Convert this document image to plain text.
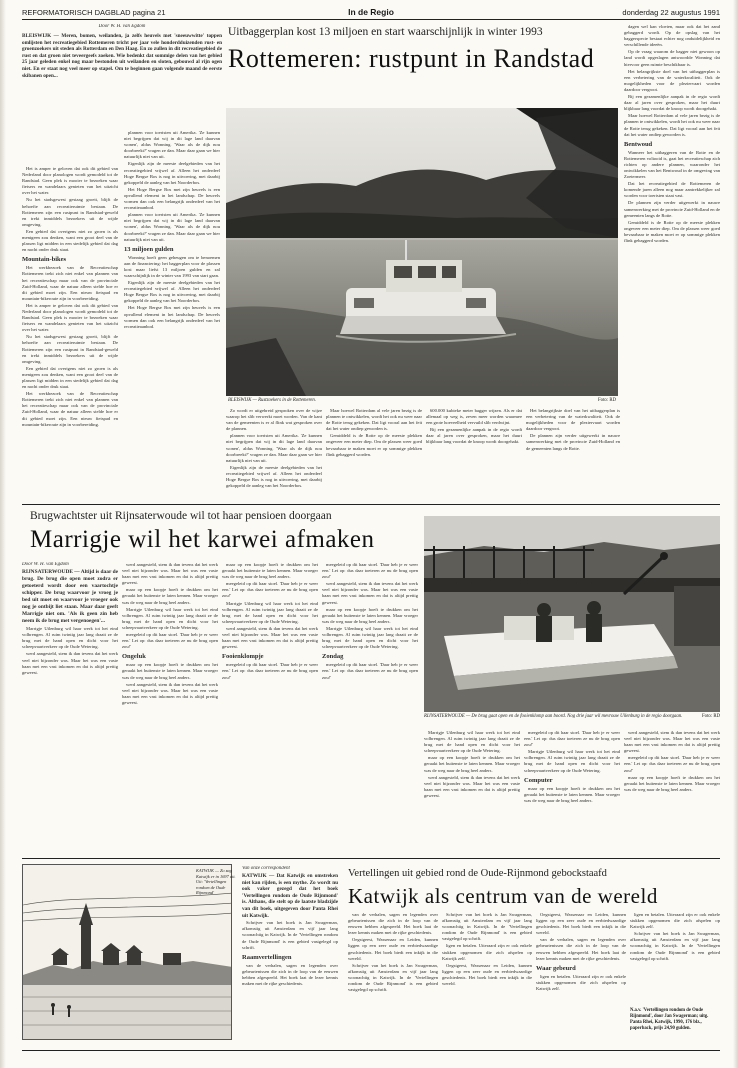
REFORMATORISCH DAGBLAD pagina 21	In de Regio	donderdag 22 augustus 1991

Door W. H. van Egdom

BLEISWIJK — Meren, bomen, weilanden, ja zelfs heuvels met 'sneeuwwitte' toppen omlijsten het recreatiegebied Rottemeren tricht per jaar vele honderdduizenden rust- en groenzoekers uit steden als Rotterdam en Den Haag. En zo zullen in dit recreatiegebied de rust en dat groen niet teveergeefs zoeken. Wie bedenkt dat sommige delen van het gebied 25 jaar geleden enkel nog maar bestonden uit weilanden en sloten, gebouwd al rijn ogen niet. En er staat nog veel meer op stapel. Om te beginnen gaan volgende maand de eerste skibanen open...

Uitbaggerplan kost 13 miljoen en start waarschijnlijk in winter 1993
Rottemeren: rustpunt in Randstad

Het is amper te geloven dat ook dit gebied van Nederland door planologen wordt gemodeld tot de Randstad. Geen plek is mooier te bezoeken waar fietsers en wandelaars genieten van het uitzicht over het water.

Nu het stadsgewest gestaag groeit, blijft de behoefte aan recreatieruimte bestaan. De Rottemeren zijn een rustpunt in Randstad-geweld en trekt inmiddels bezoekers uit de wijde omgeving.

Een gebied dat overigens niet zo groen is als menigeen zou denken, want een groot deel van de plassen ligt midden in een stedelijk gebied dat dag en nacht onder druk staat.

Mountain-bikes

Het werkbezoek van de Recreatieschap Rottemeren trekt zich niet enkel van plannen van het recreatieschap maar ook van de provinciale Zuid-Holland, waar de natuur alleen stelde hoe er dit gebied moet zijn. Een nieuw fietspad en mountain-bikeroute zijn in voorbereiding.

Het is amper te geloven dat ook dit gebied van Nederland door planologen wordt gemodeld tot de Randstad. Geen plek is mooier te bezoeken waar fietsers en wandelaars genieten van het uitzicht over het water.

Nu het stadsgewest gestaag groeit, blijft de behoefte aan recreatieruimte bestaan. De Rottemeren zijn een rustpunt in Randstad-geweld en trekt inmiddels bezoekers uit de wijde omgeving.

Een gebied dat overigens niet zo groen is als menigeen zou denken, want een groot deel van de plassen ligt midden in een stedelijk gebied dat dag en nacht onder druk staat.

Het werkbezoek van de Recreatieschap Rottemeren trekt zich niet enkel van plannen van het recreatieschap maar ook van de provinciale Zuid-Holland, waar de natuur alleen stelde hoe er dit gebied moet zijn. Een nieuw fietspad en mountain-bikeroute zijn in voorbereiding.

plannen voor toeristen uit Amerika. 'Ze kunnen niet begrijpen dat wij in dit lage land daarvan wonen', aldus Wonning. 'Waar als de dijk nou doorbreekt?' vragen ze dan. Maar daar gaan we hier natuurlijk niet van uit.

Eigenlijk zijn de meeste deelgebieden van het recreatiegebied vrijwel af. Alleen het onderdeel Hoge Bergse Bos is nog in uitvoering, met daarbij gekoppeld de aanleg van het Noorderbos.

Het Hoge Bergse Bos met zijn heuvels is een opvallend element in het landschap. De heuvels vormen dan ook een belangrijk onderdeel van het recreatieaanbod.

plannen voor toeristen uit Amerika. 'Ze kunnen niet begrijpen dat wij in dit lage land daarvan wonen', aldus Wonning. 'Waar als de dijk nou doorbreekt?' vragen ze dan. Maar daar gaan we hier natuurlijk niet van uit.

13 miljoen gulden

Wonning hoeft geen geheugen om te benoemen aan de financiering: het baggerplan voor de plassen kost maar liefst 13 miljoen gulden en zal waarschijnlijk in de winter van 1993 van start gaan.

Eigenlijk zijn de meeste deelgebieden van het recreatiegebied vrijwel af. Alleen het onderdeel Hoge Bergse Bos is nog in uitvoering, met daarbij gekoppeld de aanleg van het Noorderbos.

Het Hoge Bergse Bos met zijn heuvels is een opvallend element in het landschap. De heuvels vormen dan ook een belangrijk onderdeel van het recreatieaanbod.

BLEISWIJK — Rustzoekers in de Rottemeren.	Foto: RD

Zo wordt er uitgebreid gesproken over de wijze waarop het slib verwerkt moet worden. Van de kant van de gemeenten is er al flink wat gesproken over de plannen.

plannen voor toeristen uit Amerika. 'Ze kunnen niet begrijpen dat wij in dit lage land daarvan wonen', aldus Wonning. 'Waar als de dijk nou doorbreekt?' vragen ze dan. Maar daar gaan we hier natuurlijk niet van uit.

Eigenlijk zijn de meeste deelgebieden van het recreatiegebied vrijwel af. Alleen het onderdeel Hoge Bergse Bos is nog in uitvoering, met daarbij gekoppeld de aanleg van het Noorderbos.

Maar hoewel Rotterdam al vele jaren bezig is de plannen te ontwikkelen, wordt het ook nu weer naar de Rotte terug gekeken. Dat ligt vooral aan het feit dat het water ondiep geworden is.

Gemiddeld is de Rotte op de meeste plekken ongeveer een meter diep. Om de plassen weer goed bevaarbaar te maken moet er op sommige plekken flink gebaggerd worden.

600.000 kubieke meter bagger wijzen. Als er dat allemaal op weg is, zeven meer worden waarmee een grote hoeveelheid vervuild slib verdwijnt.

Bij een gezamenlijke aanpak in de regio wordt daar al jaren over gesproken, maar het duurt blijkbaar lang voordat de knoop wordt doorgehakt.

Het belangrijkste doel van het uitbaggerplan is een verbetering van de waterkwaliteit. Ook de mogelijkheden voor de pleziervaart worden daardoor vergroot.

De plannen zijn verder uitgewerkt in nauwe samenwerking met de provincie Zuid-Holland en de gemeenten langs de Rotte.

dagen wel kan vloeien, maar ook dat het zand gebaggerd wordt. Op de opslag van het baggerspecie bestaat echter nog onduidelijkheid en verschillende ideeën.

Op de vraag waarom de bagger niet gewoon op land wordt opgeslagen antwoordde Wonning dat hiervoor geen ruimte beschikbaar is.

Het belangrijkste doel van het uitbaggerplan is een verbetering van de waterkwaliteit. Ook de mogelijkheden voor de pleziervaart worden daardoor vergroot.

Bij een gezamenlijke aanpak in de regio wordt daar al jaren over gesproken, maar het duurt blijkbaar lang voordat de knoop wordt doorgehakt.

Maar hoewel Rotterdam al vele jaren bezig is de plannen te ontwikkelen, wordt het ook nu weer naar de Rotte terug gekeken. Dat ligt vooral aan het feit dat het water ondiep geworden is.

Bentwoud

Wanneer het uitbaggeren van de Rotte en de Rottemeren voltooid is, gaat het recreatieschap zich richten op andere plannen, waaronder het ontwikkelen van het Bentwoud in de omgeving van Zoetermeer.

Dat het recreatiegebied de Rottemeren de komende jaren alleen nog maar aantrekkelijker zal worden voor toeristen staat vast.

De plannen zijn verder uitgewerkt in nauwe samenwerking met de provincie Zuid-Holland en de gemeenten langs de Rotte.

Gemiddeld is de Rotte op de meeste plekken ongeveer een meter diep. Om de plassen weer goed bevaarbaar te maken moet er op sommige plekken flink gebaggerd worden.

Brugwachtster uit Rijnsaterwoude wil tot haar pensioen doorgaan
Marrigje wil het karwei afmaken

Door W. H. van Egdom

RIJNSATERWOUDE — Altijd is daar de brug. De brug die open moet zodra er getoeterd wordt door een vaartochtje schipper. De brug waarvoor je vroeg je bed uit moet en waarvoor je vroeger ook nog je ontbijt liet staan. Maar daar geeft Marrigje niet om. 'Als ik geen zin heb neem ik de brug met vergenoegen'...

Marrigje Uilenburg wil haar werk tot het eind volbrengen. Al ruim twintig jaar lang draait ze de brug met de hand open en dicht voor het scheepvaartverkeer op de Oude Wetering.

werd aangesteld, stem ik dan tevens dat het werk veel niet bijzonder was. Maar het was een vaste baan met een vast inkomen en dat is altijd prettig geweest.

werd aangesteld, stem ik dan tevens dat het werk veel niet bijzonder was. Maar het was een vaste baan met een vast inkomen en dat is altijd prettig geweest.

maar op een koopje hoeft te drukken om het geraakt het buitenste te laten kennen. Maar vroeger was de weg naar de brug heel anders.

Marrigje Uilenburg wil haar werk tot het eind volbrengen. Al ruim twintig jaar lang draait ze de brug met de hand open en dicht voor het scheepvaartverkeer op de Oude Wetering.

meegeleid op dit haar stoel. 'Daar heb je er weer een.' Let op: dus daar toeteren ze nu de brug open zou!'

Ongeluk

maar op een koopje hoeft te drukken om het geraakt het buitenste te laten kennen. Maar vroeger was de weg naar de brug heel anders.

werd aangesteld, stem ik dan tevens dat het werk veel niet bijzonder was. Maar het was een vaste baan met een vast inkomen en dat is altijd prettig geweest.

maar op een koopje hoeft te drukken om het geraakt het buitenste te laten kennen. Maar vroeger was de weg naar de brug heel anders.

meegeleid op dit haar stoel. 'Daar heb je er weer een.' Let op: dus daar toeteren ze nu de brug open zou!'

Marrigje Uilenburg wil haar werk tot het eind volbrengen. Al ruim twintig jaar lang draait ze de brug met de hand open en dicht voor het scheepvaartverkeer op de Oude Wetering.

werd aangesteld, stem ik dan tevens dat het werk veel niet bijzonder was. Maar het was een vaste baan met een vast inkomen en dat is altijd prettig geweest.

Fooienklompje

meegeleid op dit haar stoel. 'Daar heb je er weer een.' Let op: dus daar toeteren ze nu de brug open zou!'

meegeleid op dit haar stoel. 'Daar heb je er weer een.' Let op: dus daar toeteren ze nu de brug open zou!'

werd aangesteld, stem ik dan tevens dat het werk veel niet bijzonder was. Maar het was een vaste baan met een vast inkomen en dat is altijd prettig geweest.

maar op een koopje hoeft te drukken om het geraakt het buitenste te laten kennen. Maar vroeger was de weg naar de brug heel anders.

Marrigje Uilenburg wil haar werk tot het eind volbrengen. Al ruim twintig jaar lang draait ze de brug met de hand open en dicht voor het scheepvaartverkeer op de Oude Wetering.

Zondag

meegeleid op dit haar stoel. 'Daar heb je er weer een.' Let op: dus daar toeteren ze nu de brug open zou!'

RIJNSATERWOUDE — De brug gaat open en de fooienklomp aan boord. Nog drie jaar wil mevrouw Uilenburg in de regio doorgaan.	Foto: RD

Marrigje Uilenburg wil haar werk tot het eind volbrengen. Al ruim twintig jaar lang draait ze de brug met de hand open en dicht voor het scheepvaartverkeer op de Oude Wetering.

maar op een koopje hoeft te drukken om het geraakt het buitenste te laten kennen. Maar vroeger was de weg naar de brug heel anders.

werd aangesteld, stem ik dan tevens dat het werk veel niet bijzonder was. Maar het was een vaste baan met een vast inkomen en dat is altijd prettig geweest.

meegeleid op dit haar stoel. 'Daar heb je er weer een.' Let op: dus daar toeteren ze nu de brug open zou!'

Marrigje Uilenburg wil haar werk tot het eind volbrengen. Al ruim twintig jaar lang draait ze de brug met de hand open en dicht voor het scheepvaartverkeer op de Oude Wetering.

Computer

maar op een koopje hoeft te drukken om het geraakt het buitenste te laten kennen. Maar vroeger was de weg naar de brug heel anders.

werd aangesteld, stem ik dan tevens dat het werk veel niet bijzonder was. Maar het was een vaste baan met een vast inkomen en dat is altijd prettig geweest.

meegeleid op dit haar stoel. 'Daar heb je er weer een.' Let op: dus daar toeteren ze nu de brug open zou!'

maar op een koopje hoeft te drukken om het geraakt het buitenste te laten kennen. Maar vroeger was de weg naar de brug heel anders.

KATWIJK — Zo zag Katwijk er in 1697 uit. Uit: 'Vertellingen rondom de Oude Rijnmond'

Van onze correspondent

KATWIJK — Dat Katwijk en omstreken niet kan rijden, is een mythe. Zo wordt nu ook vaker gezegd dat het boek 'Vertellingen rondom de Oude Rijnmond' is. Althans, die stelt op de laatste bladzijde van dit boek, uitgegeven door Panta Rhei uit Katwijk.

Schrijver van het boek is Jan Swagerman, afkomstig uit Amsterdam en vijf jaar lang woonachtig in Katwijk. In de 'Vertellingen rondom de Oude Rijnmond' is een gebied vastgelegd op schrift.

Raamvertellingen

van de verhalen, sagen en legenden over gebeurtenissen die zich in de loop van de eeuwen hebben afgespeeld. Het boek laat de lezer kennis maken met de rijke geschiedenis.

Vertellingen uit gebied rond de Oude-Rijnmond gebockstaafd
Katwijk als centrum van de wereld

van de verhalen, sagen en legenden over gebeurtenissen die zich in de loop van de eeuwen hebben afgespeeld. Het boek laat de lezer kennis maken met de rijke geschiedenis.

Oegstgeest, Wassenaar en Leiden, kunnen liggen op een zeer oude en eerbiedwaardige geschiedenis. Het boek biedt een inkijk in die wereld.

Schrijver van het boek is Jan Swagerman, afkomstig uit Amsterdam en vijf jaar lang woonachtig in Katwijk. In de 'Vertellingen rondom de Oude Rijnmond' is een gebied vastgelegd op schrift.

Schrijver van het boek is Jan Swagerman, afkomstig uit Amsterdam en vijf jaar lang woonachtig in Katwijk. In de 'Vertellingen rondom de Oude Rijnmond' is een gebied vastgelegd op schrift.

ligen en betalen. Uiteraard zijn er ook enkele stukken opgenomen die zich afspelen op Katwijk zelf.

Oegstgeest, Wassenaar en Leiden, kunnen liggen op een zeer oude en eerbiedwaardige geschiedenis. Het boek biedt een inkijk in die wereld.

Oegstgeest, Wassenaar en Leiden, kunnen liggen op een zeer oude en eerbiedwaardige geschiedenis. Het boek biedt een inkijk in die wereld.

van de verhalen, sagen en legenden over gebeurtenissen die zich in de loop van de eeuwen hebben afgespeeld. Het boek laat de lezer kennis maken met de rijke geschiedenis.

Waar gebeurd

ligen en betalen. Uiteraard zijn er ook enkele stukken opgenomen die zich afspelen op Katwijk zelf.

ligen en betalen. Uiteraard zijn er ook enkele stukken opgenomen die zich afspelen op Katwijk zelf.

Schrijver van het boek is Jan Swagerman, afkomstig uit Amsterdam en vijf jaar lang woonachtig in Katwijk. In de 'Vertellingen rondom de Oude Rijnmond' is een gebied vastgelegd op schrift.

N.a.v. 'Vertellingen rondom de Oude Rijnmond', door Jan Swagerman; uitg. Panta Rhei, Katwijk, 1990, 176 blz., paperback, prijs 24,90 gulden.
